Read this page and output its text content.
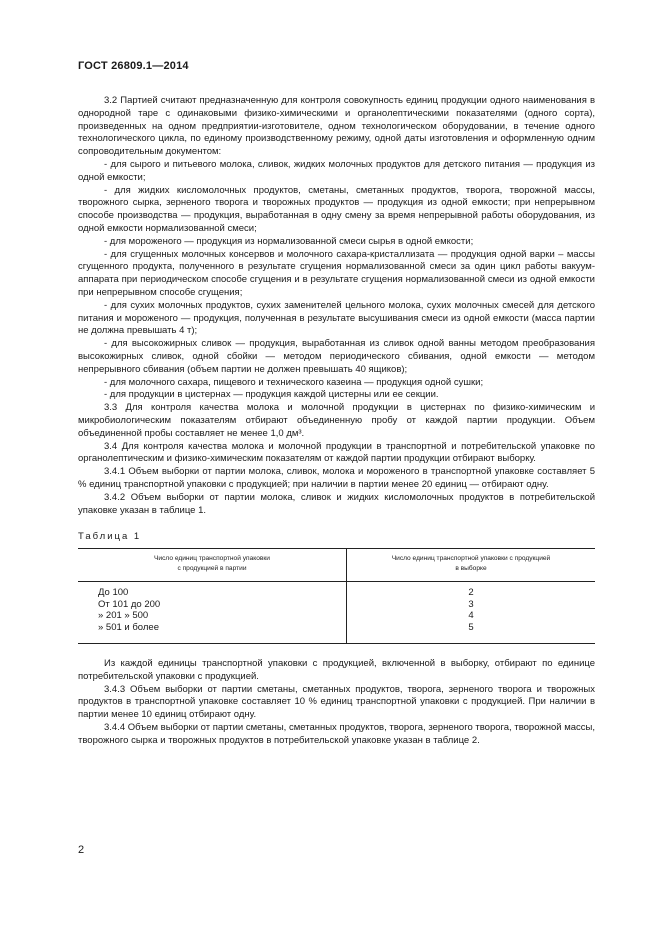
ГОСТ 26809.1—2014

3.2 Партией считают предназначенную для контроля совокупность единиц продукции одного наименования в однородной таре с одинаковыми физико-химическими и органолептическими показателями (одного сорта), произведенных на одном предприятии-изготовителе, одном технологическом оборудовании, в течение одного технологического цикла, по единому производственному режиму, одной даты изготовления и оформленную одним сопроводительным документом:

- для сырого и питьевого молока, сливок, жидких молочных продуктов для детского питания — продукция из одной емкости;

- для жидких кисломолочных продуктов, сметаны, сметанных продуктов, творога, творожной массы, творожного сырка, зерненого творога и творожных продуктов — продукция из одной емкости; при непрерывном способе производства — продукция, выработанная в одну смену за время непрерывной работы оборудования, из одной емкости нормализованной смеси;

- для мороженого — продукция из нормализованной смеси сырья в одной емкости;

- для сгущенных молочных консервов и молочного сахара-кристаллизата — продукция одной варки – массы сгущенного продукта, полученного в результате сгущения нормализованной смеси за один цикл работы вакуум-аппарата при периодическом способе сгущения и в результате сгущения нормализованной смеси из одной емкости при непрерывном способе сгущения;

- для сухих молочных продуктов, сухих заменителей цельного молока, сухих молочных смесей для детского питания и мороженого — продукция, полученная в результате высушивания смеси из одной емкости (масса партии не должна превышать 4 т);

- для высокожирных сливок — продукция, выработанная из сливок одной ванны методом преобразования высокожирных сливок, одной сбойки — методом периодического сбивания, одной емкости — методом непрерывного сбивания (объем партии не должен превышать 40 ящиков);

- для молочного сахара, пищевого и технического казеина — продукция одной сушки;

- для продукции в цистернах — продукция каждой цистерны или ее секции.

3.3 Для контроля качества молока и молочной продукции в цистернах по физико-химическим и микробиологическим показателям отбирают объединенную пробу от каждой партии продукции. Объем объединенной пробы составляет не менее 1,0 дм³.

3.4 Для контроля качества молока и молочной продукции в транспортной и потребительской упаковке по органолептическим и физико-химическим показателям от каждой партии продукции отбирают выборку.

3.4.1 Объем выборки от партии молока, сливок, молока и мороженого в транспортной упаковке составляет 5 % единиц транспортной упаковки с продукцией; при наличии в партии менее 20 единиц — отбирают одну.

3.4.2 Объем выборки от партии молока, сливок и жидких кисломолочных продуктов в потребительской упаковке указан в таблице 1.

Таблица 1

Число единиц транспортной упаковки
с продукцией в партии
Число единиц транспортной упаковки с продукцией
в выборке
До 100
От 101 до 200
» 201 » 500
» 501 и более
2
3
4
5

Из каждой единицы транспортной упаковки с продукцией, включенной в выборку, отбирают по единице потребительской упаковки с продукцией.

3.4.3 Объем выборки от партии сметаны, сметанных продуктов, творога, зерненого творога и творожных продуктов в транспортной упаковке составляет 10 % единиц транспортной упаковки с продукцией. При наличии в партии менее 10 единиц отбирают одну.

3.4.4 Объем выборки от партии сметаны, сметанных продуктов, творога, зерненого творога, творожной массы, творожного сырка и творожных продуктов в потребительской упаковке указан в таблице 2.

2
